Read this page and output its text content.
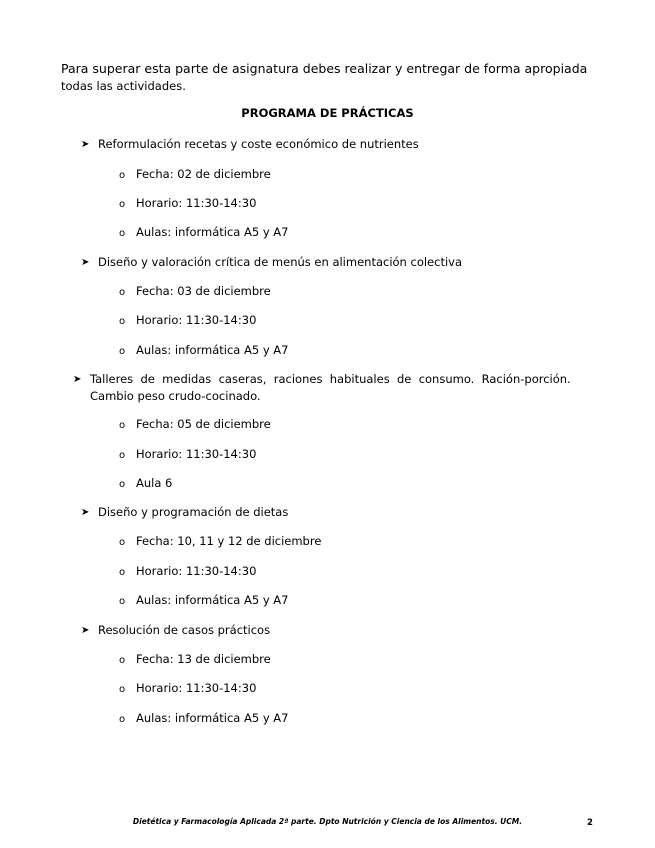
Para superar esta parte de asignatura debes realizar y entregar de forma apropiada
todas las actividades.

PROGRAMA DE PRÁCTICAS

➤ Reformulación recetas y coste económico de nutrientes
o Fecha: 02 de diciembre
o Horario: 11:30-14:30
o Aulas: informática A5 y A7
➤ Diseño y valoración crítica de menús en alimentación colectiva
o Fecha: 03 de diciembre
o Horario: 11:30-14:30
o Aulas: informática A5 y A7
➤ Talleres  de  medidas  caseras,  raciones  habituales  de  consumo.  Ración-porción.
Cambio peso crudo-cocinado.
o Fecha: 05 de diciembre
o Horario: 11:30-14:30
o Aula 6
➤ Diseño y programación de dietas
o Fecha: 10, 11 y 12 de diciembre
o Horario: 11:30-14:30
o Aulas: informática A5 y A7
➤ Resolución de casos prácticos
o Fecha: 13 de diciembre
o Horario: 11:30-14:30
o Aulas: informática A5 y A7
Dietética y Farmacología Aplicada 2ª parte. Dpto Nutrición y Ciencia de los Alimentos. UCM.	2
